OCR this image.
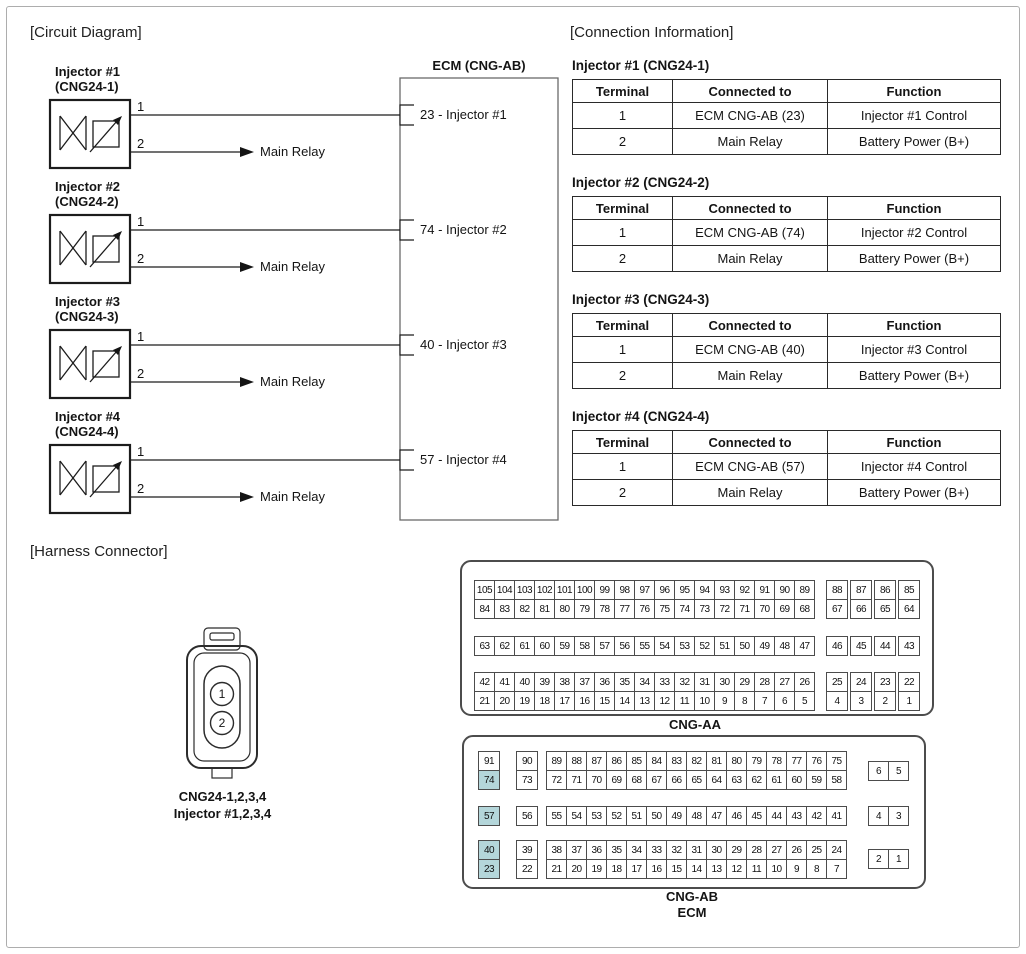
[Circuit Diagram]	[Connection Information]
[Harness Connector]
ECM (CNG-AB)
Injector #1
(CNG24-1)
1
2
Main Relay
23 - Injector #1
Injector #2
(CNG24-2)
1
2
Main Relay
74 - Injector #2
Injector #3
(CNG24-3)
1
2
Main Relay
40 - Injector #3
Injector #4
(CNG24-4)
1
2
Main Relay
57 - Injector #4
Injector #1 (CNG24-1)
Terminal	Connected to	Function
1	ECM CNG-AB (23)	Injector #1 Control
2	Main Relay	Battery Power (B+)
Injector #2 (CNG24-2)
Terminal	Connected to	Function
1	ECM CNG-AB (74)	Injector #2 Control
2	Main Relay	Battery Power (B+)
Injector #3 (CNG24-3)
Terminal	Connected to	Function
1	ECM CNG-AB (40)	Injector #3 Control
2	Main Relay	Battery Power (B+)
Injector #4 (CNG24-4)
Terminal	Connected to	Function
1	ECM CNG-AB (57)	Injector #4 Control
2	Main Relay	Battery Power (B+)
1
2
CNG24-1,2,3,4
Injector #1,2,3,4
105 104 103 102 101 100 99 98 97 96 95 94 93 92 91 90 89	88	87	86	85
84 83 82 81 80 79 78 77 76 75 74 73 72 71 70 69 68	67	66	65	64
63 62 61 60 59 58 57 56 55 54 53 52 51 50 49 48 47	46	45	44	43
42 41 40 39 38 37 36 35 34 33 32 31 30 29 28 27 26	25	24	23	22
21 20 19 18 17 16 15 14 13 12	11	10	9	8	7	6	5	4	3	2	1
CNG-AA
91	90	89 88 87 86 85 84 83 82 81 80 79 78 77 76 75
74	73	72 71 70 69 68 67 66 65 64 63 62 61 60 59 58
57	56	55 54 53 52 51 50 49 48 47 46 45 44 43 42 41
40	39	38 37 36 35 34 33 32 31 30 29 28 27 26 25 24
23	22	21 20 19 18 17 16 15 14 13 12	11	10	9	8	7
6	5
4	3
2	1
CNG-AB
ECM
